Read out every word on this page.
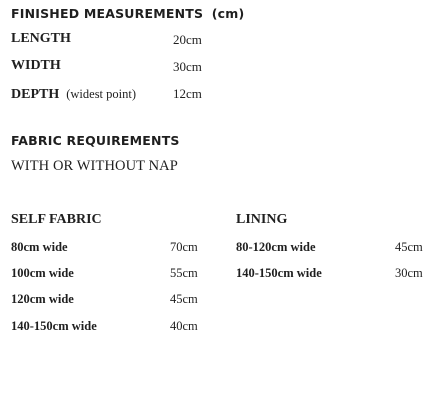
FINISHED MEASUREMENTS (cm)
LENGTH	20cm
WIDTH	30cm
DEPTH (widest point)	12cm
FABRIC REQUIREMENTS
WITH OR WITHOUT NAP
SELF FABRIC
80cm wide	70cm
100cm wide	55cm
120cm wide	45cm
140-150cm wide	40cm
LINING
80-120cm wide	45cm
140-150cm wide	30cm
